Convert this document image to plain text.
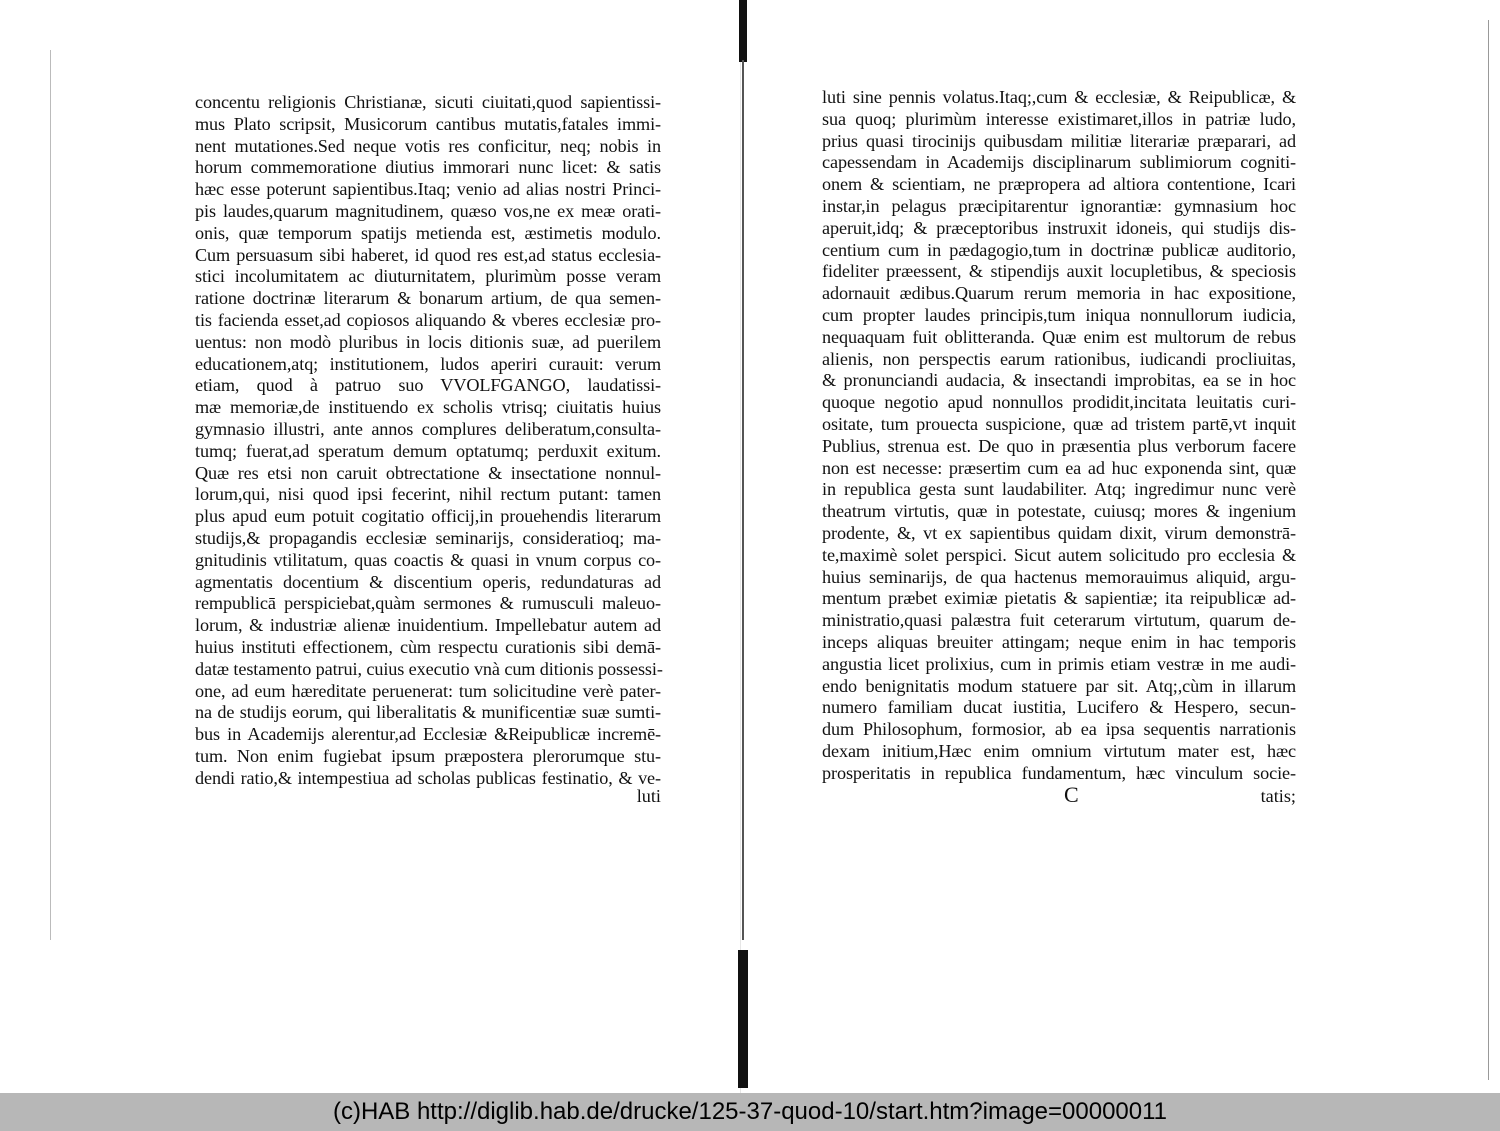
concentu religionis Christianæ, sicuti ciuitati,quod sapientissi-
mus Plato scripsit, Musicorum cantibus mutatis,fatales immi-
nent mutationes.Sed neque votis res conficitur, neq; nobis in
horum commemoratione diutius immorari nunc licet: & satis
hæc esse poterunt sapientibus.Itaq; venio ad alias nostri Princi-
pis laudes,quarum magnitudinem, quæso vos,ne ex meæ orati-
onis, quæ temporum spatijs metienda est, æstimetis modulo.
Cum persuasum sibi haberet, id quod res est,ad status ecclesia-
stici incolumitatem ac diuturnitatem, plurimùm posse veram
ratione doctrinæ literarum & bonarum artium, de qua semen-
tis facienda esset,ad copiosos aliquando & vberes ecclesiæ pro-
uentus: non modò pluribus in locis ditionis suæ, ad puerilem
educationem,atq; institutionem, ludos aperiri curauit: verum
etiam, quod à patruo suo VVOLFGANGO, laudatissi-
mæ memoriæ,de instituendo ex scholis vtrisq; ciuitatis huius
gymnasio illustri, ante annos complures deliberatum,consulta-
tumq; fuerat,ad speratum demum optatumq; perduxit exitum.
Quæ res etsi non caruit obtrectatione & insectatione nonnul-
lorum,qui, nisi quod ipsi fecerint, nihil rectum putant: tamen
plus apud eum potuit cogitatio officij,in prouehendis literarum
studijs,& propagandis ecclesiæ seminarijs, consideratioq; ma-
gnitudinis vtilitatum, quas coactis & quasi in vnum corpus co-
agmentatis docentium & discentium operis, redundaturas ad
rempublicā perspiciebat,quàm sermones & rumusculi maleuo-
lorum, & industriæ alienæ inuidentium. Impellebatur autem ad
huius instituti effectionem, cùm respectu curationis sibi demā-
datæ testamento patrui, cuius executio vnà cum ditionis possessi-
one, ad eum hæreditate peruenerat: tum solicitudine verè pater-
na de studijs eorum, qui liberalitatis & munificentiæ suæ sumti-
bus in Academijs alerentur,ad Ecclesiæ &Reipublicæ incremē-
tum. Non enim fugiebat ipsum præpostera plerorumque stu-
dendi ratio,& intempestiua ad scholas publicas festinatio, & ve-
luti
luti sine pennis volatus.Itaq;,cum & ecclesiæ, & Reipublicæ, &
sua quoq; plurimùm interesse existimaret,illos in patriæ ludo,
prius quasi tirocinijs quibusdam militiæ literariæ præparari, ad
capessendam in Academijs disciplinarum sublimiorum cogniti-
onem & scientiam, ne præpropera ad altiora contentione, Icari
instar,in pelagus præcipitarentur ignorantiæ: gymnasium hoc
aperuit,idq; & præceptoribus instruxit idoneis, qui studijs dis-
centium cum in pædagogio,tum in doctrinæ publicæ auditorio,
fideliter præessent, & stipendijs auxit locupletibus, & speciosis
adornauit ædibus.Quarum rerum memoria in hac expositione,
cum propter laudes principis,tum iniqua nonnullorum iudicia,
nequaquam fuit oblitteranda. Quæ enim est multorum de rebus
alienis, non perspectis earum rationibus, iudicandi procliuitas,
& pronunciandi audacia, & insectandi improbitas, ea se in hoc
quoque negotio apud nonnullos prodidit,incitata leuitatis curi-
ositate, tum prouecta suspicione, quæ ad tristem partē,vt inquit
Publius, strenua est. De quo in præsentia plus verborum facere
non est necesse: præsertim cum ea ad huc exponenda sint, quæ
in republica gesta sunt laudabiliter. Atq; ingredimur nunc verè
theatrum virtutis, quæ in potestate, cuiusq; mores & ingenium
prodente, &, vt ex sapientibus quidam dixit, virum demonstrā-
te,maximè solet perspici. Sicut autem solicitudo pro ecclesia &
huius seminarijs, de qua hactenus memorauimus aliquid, argu-
mentum præbet eximiæ pietatis & sapientiæ; ita reipublicæ ad-
ministratio,quasi palæstra fuit ceterarum virtutum, quarum de-
inceps aliquas breuiter attingam; neque enim in hac temporis
angustia licet prolixius, cum in primis etiam vestræ in me audi-
endo benignitatis modum statuere par sit. Atq;,cùm in illarum
numero familiam ducat iustitia, Lucifero & Hespero, secun-
dum Philosophum, formosior, ab ea ipsa sequentis narrationis
dexam initium,Hæc enim omnium virtutum mater est, hæc
prosperitatis in republica fundamentum, hæc vinculum socie-
C	tatis;
(c)HAB http://diglib.hab.de/drucke/125-37-quod-10/start.htm?image=00000011
